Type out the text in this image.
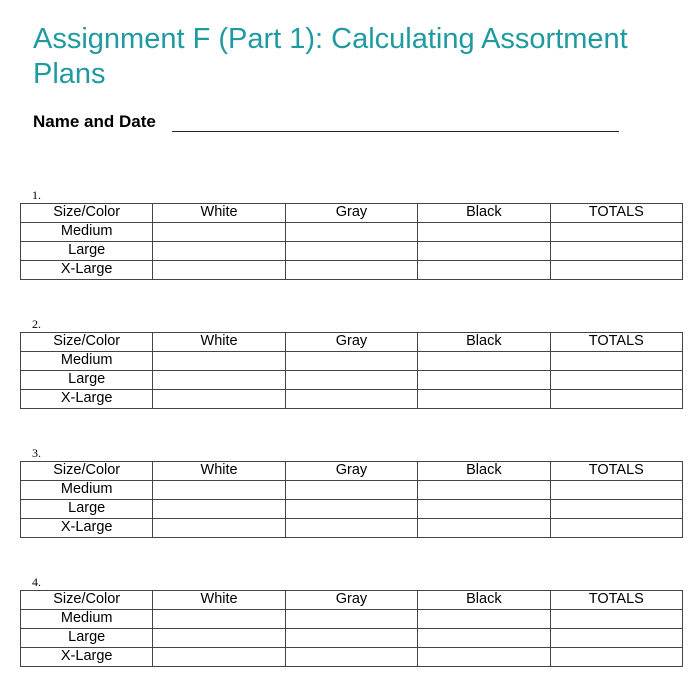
Assignment F (Part 1): Calculating Assortment Plans
Name and Date
1.
Size/Color	White	Gray	Black	TOTALS
Medium				
Large				
X-Large				
2.
Size/Color	White	Gray	Black	TOTALS
Medium				
Large				
X-Large				
3.
Size/Color	White	Gray	Black	TOTALS
Medium				
Large				
X-Large				
4.
Size/Color	White	Gray	Black	TOTALS
Medium				
Large				
X-Large				
